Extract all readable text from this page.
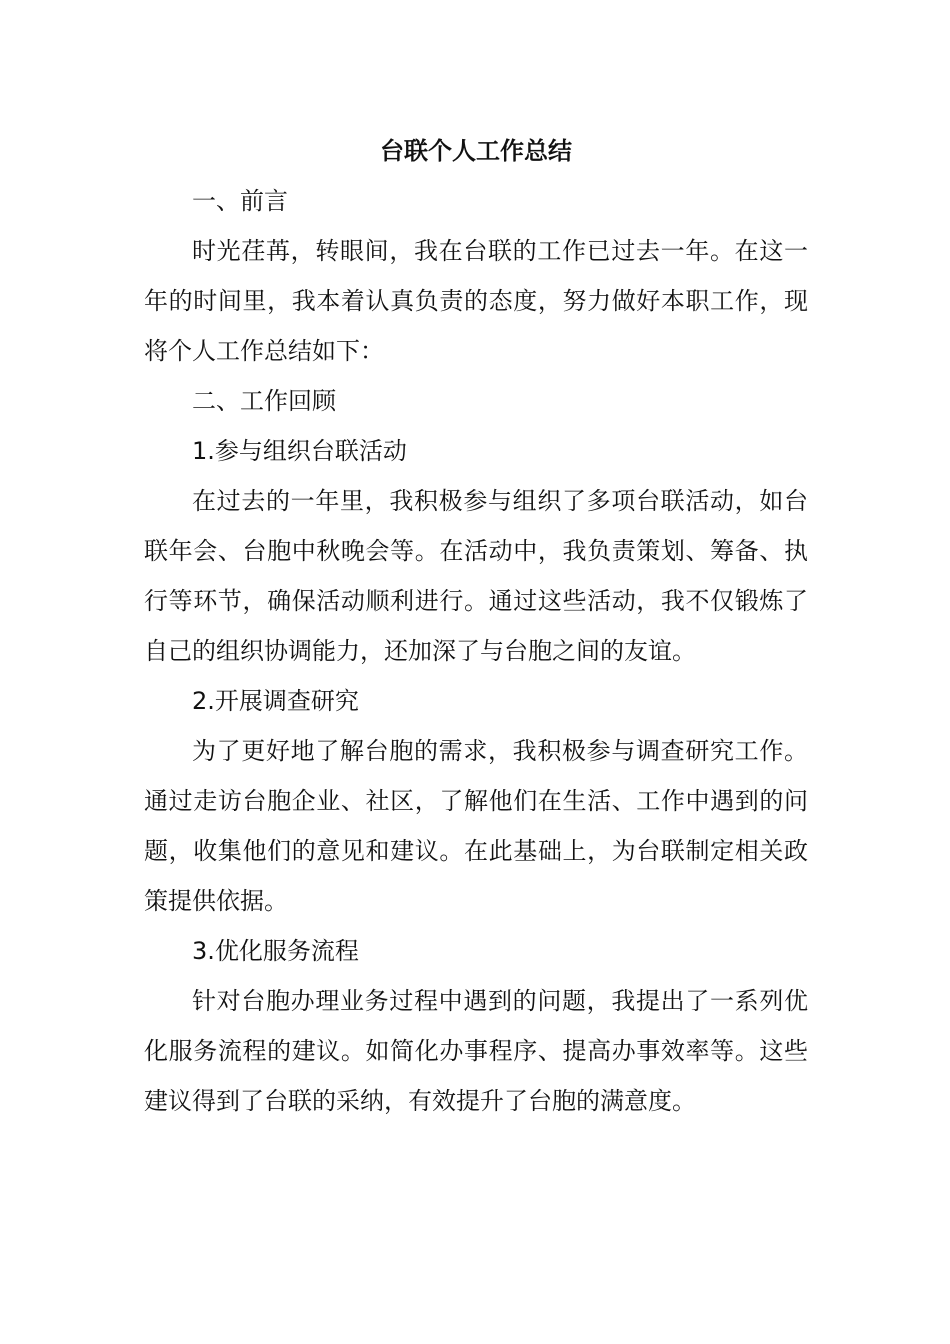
台联个人工作总结

一、前言

时光荏苒，转眼间，我在台联的工作已过去一年。在这一年的时间里，我本着认真负责的态度，努力做好本职工作，现将个人工作总结如下：

二、工作回顾

1.参与组织台联活动

在过去的一年里，我积极参与组织了多项台联活动，如台联年会、台胞中秋晚会等。在活动中，我负责策划、筹备、执行等环节，确保活动顺利进行。通过这些活动，我不仅锻炼了自己的组织协调能力，还加深了与台胞之间的友谊。

2.开展调查研究

为了更好地了解台胞的需求，我积极参与调查研究工作。通过走访台胞企业、社区，了解他们在生活、工作中遇到的问题，收集他们的意见和建议。在此基础上，为台联制定相关政策提供依据。

3.优化服务流程

针对台胞办理业务过程中遇到的问题，我提出了一系列优化服务流程的建议。如简化办事程序、提高办事效率等。这些建议得到了台联的采纳，有效提升了台胞的满意度。
